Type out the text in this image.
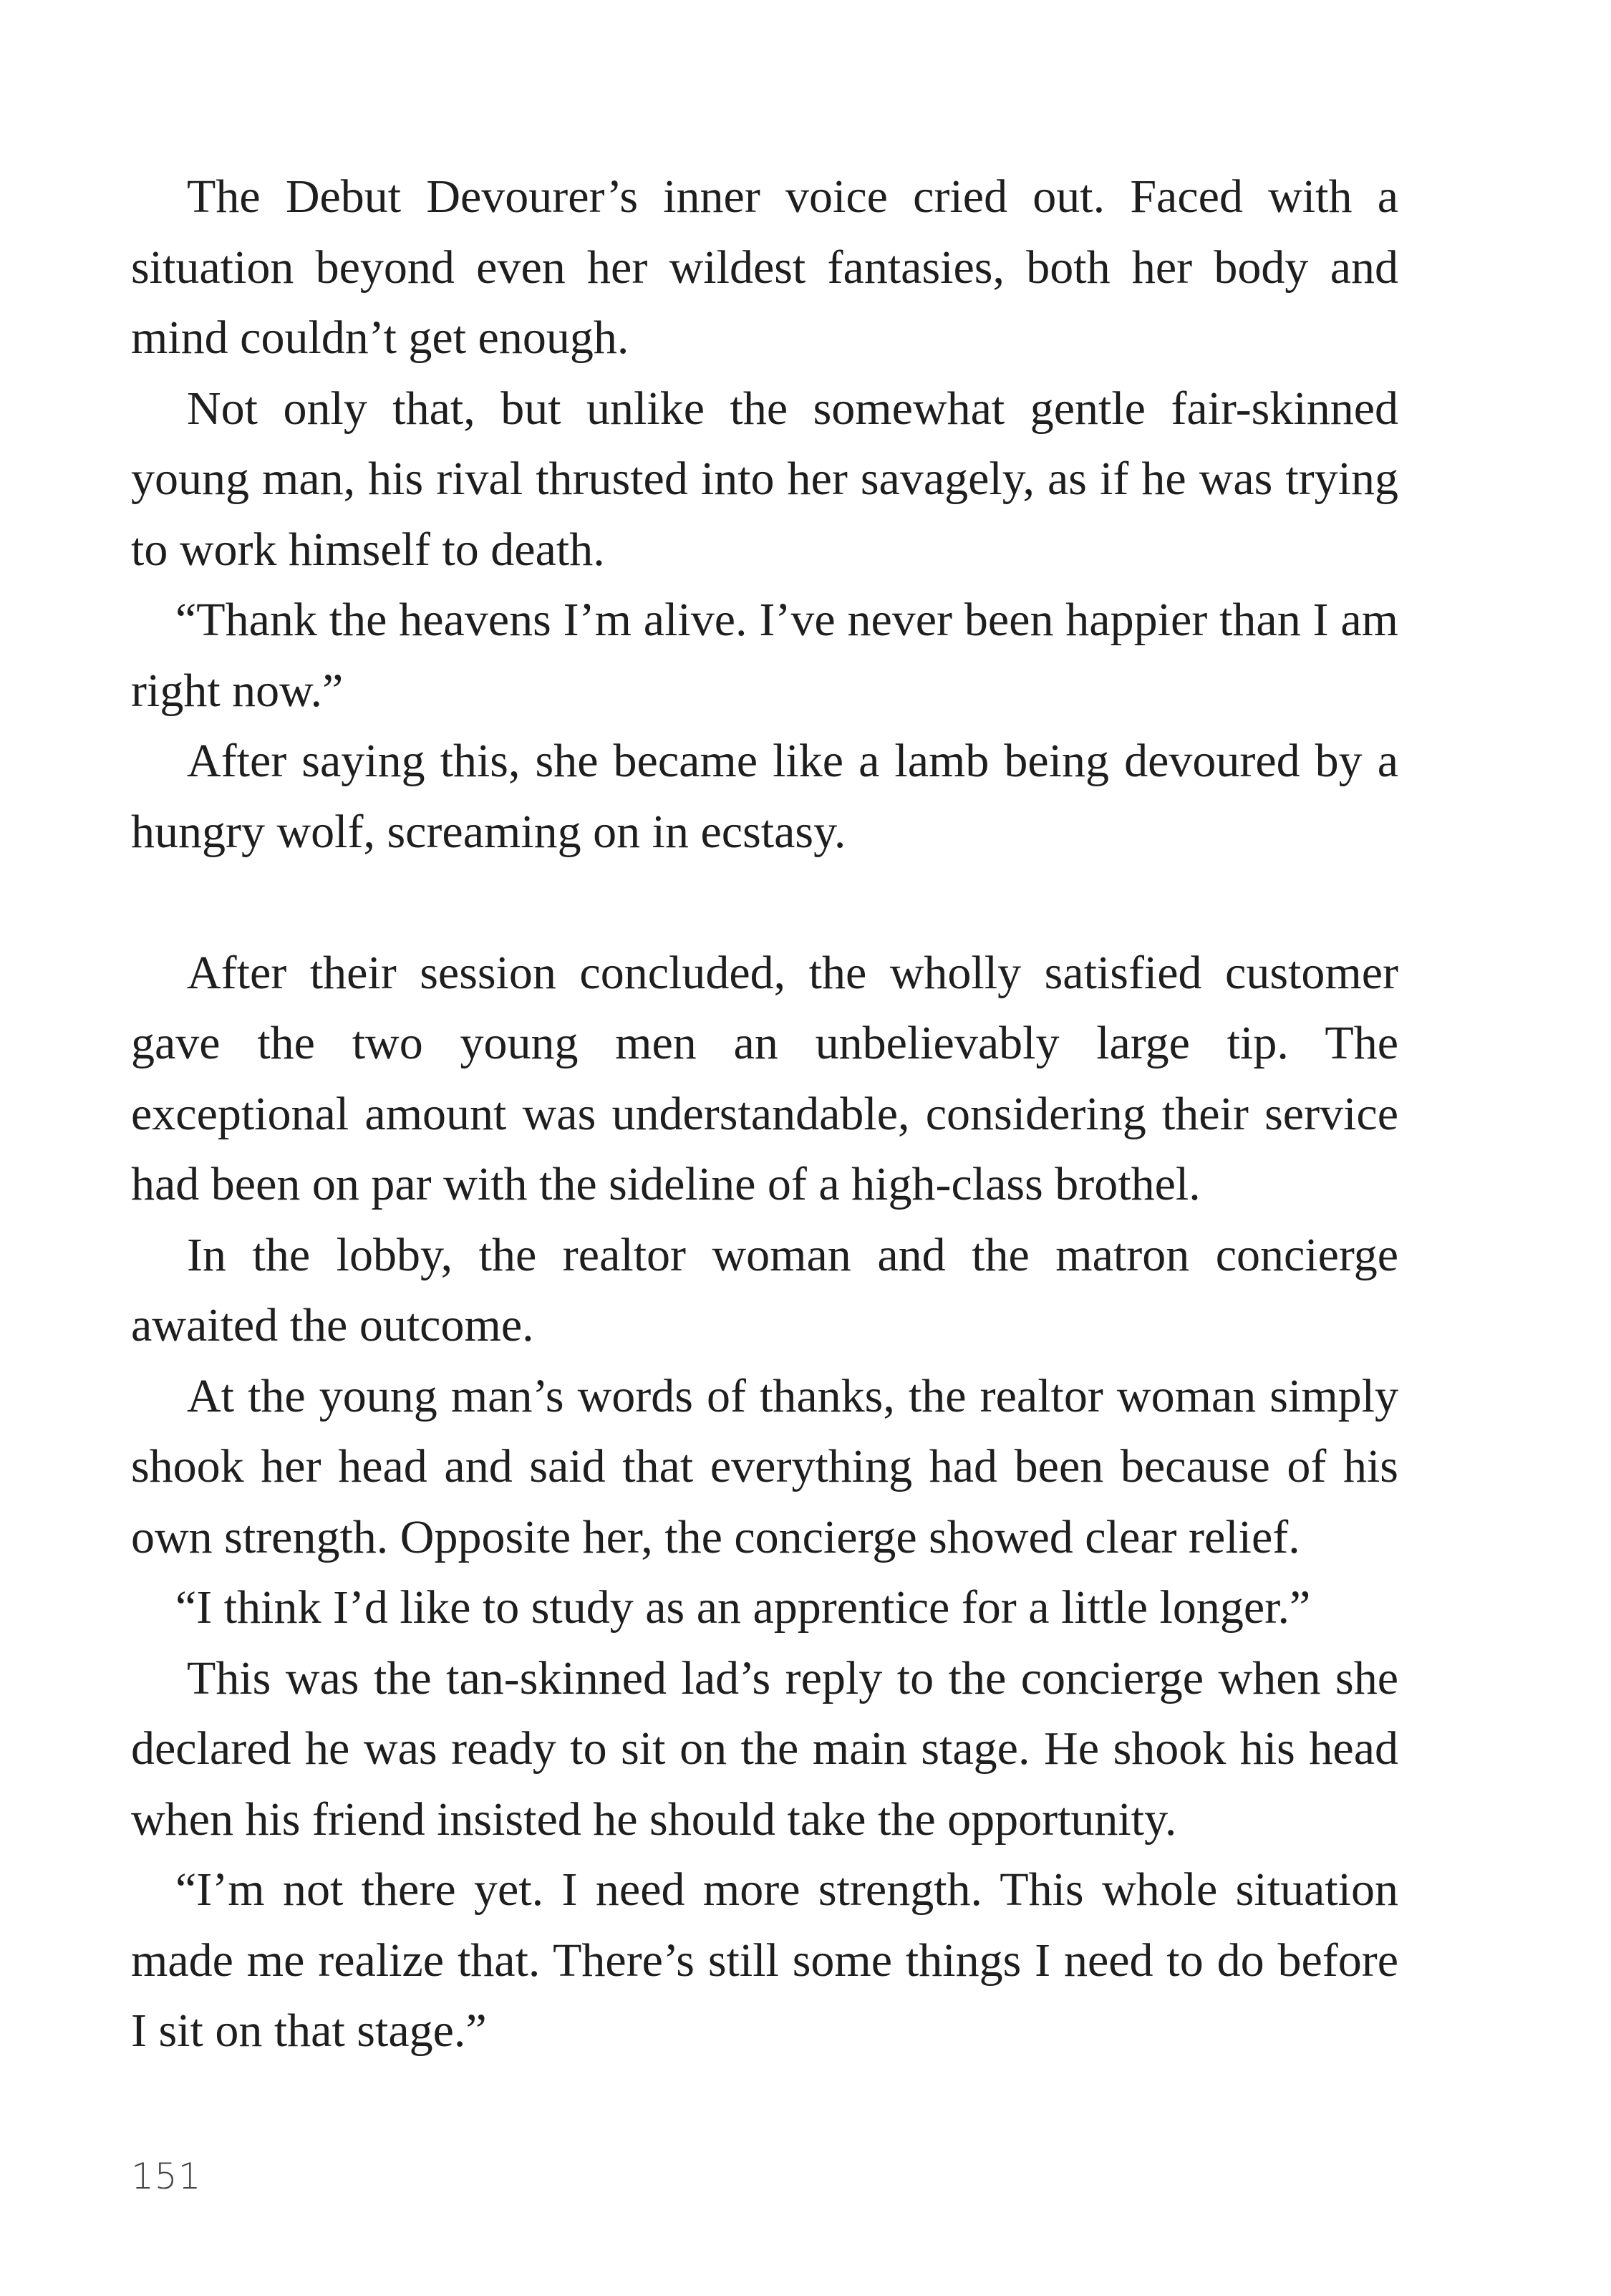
The Debut Devourer’s inner voice cried out. Faced with a situation beyond even her wildest fantasies, both her body and mind couldn’t get enough.

Not only that, but unlike the somewhat gentle fair-skinned young man, his rival thrusted into her savagely, as if he was trying to work himself to death.

“Thank the heavens I’m alive. I’ve never been happier than I am right now.”

After saying this, she became like a lamb being devoured by a hungry wolf, screaming on in ecstasy.

After their session concluded, the wholly satisfied customer gave the two young men an unbelievably large tip. The exceptional amount was understandable, considering their service had been on par with the sideline of a high-class brothel.

In the lobby, the realtor woman and the matron concierge awaited the outcome.

At the young man’s words of thanks, the realtor woman simply shook her head and said that everything had been because of his own strength. Opposite her, the concierge showed clear relief.

“I think I’d like to study as an apprentice for a little longer.”

This was the tan-skinned lad’s reply to the concierge when she declared he was ready to sit on the main stage. He shook his head when his friend insisted he should take the opportunity.

“I’m not there yet. I need more strength. This whole situation made me realize that. There’s still some things I need to do before I sit on that stage.”

151
